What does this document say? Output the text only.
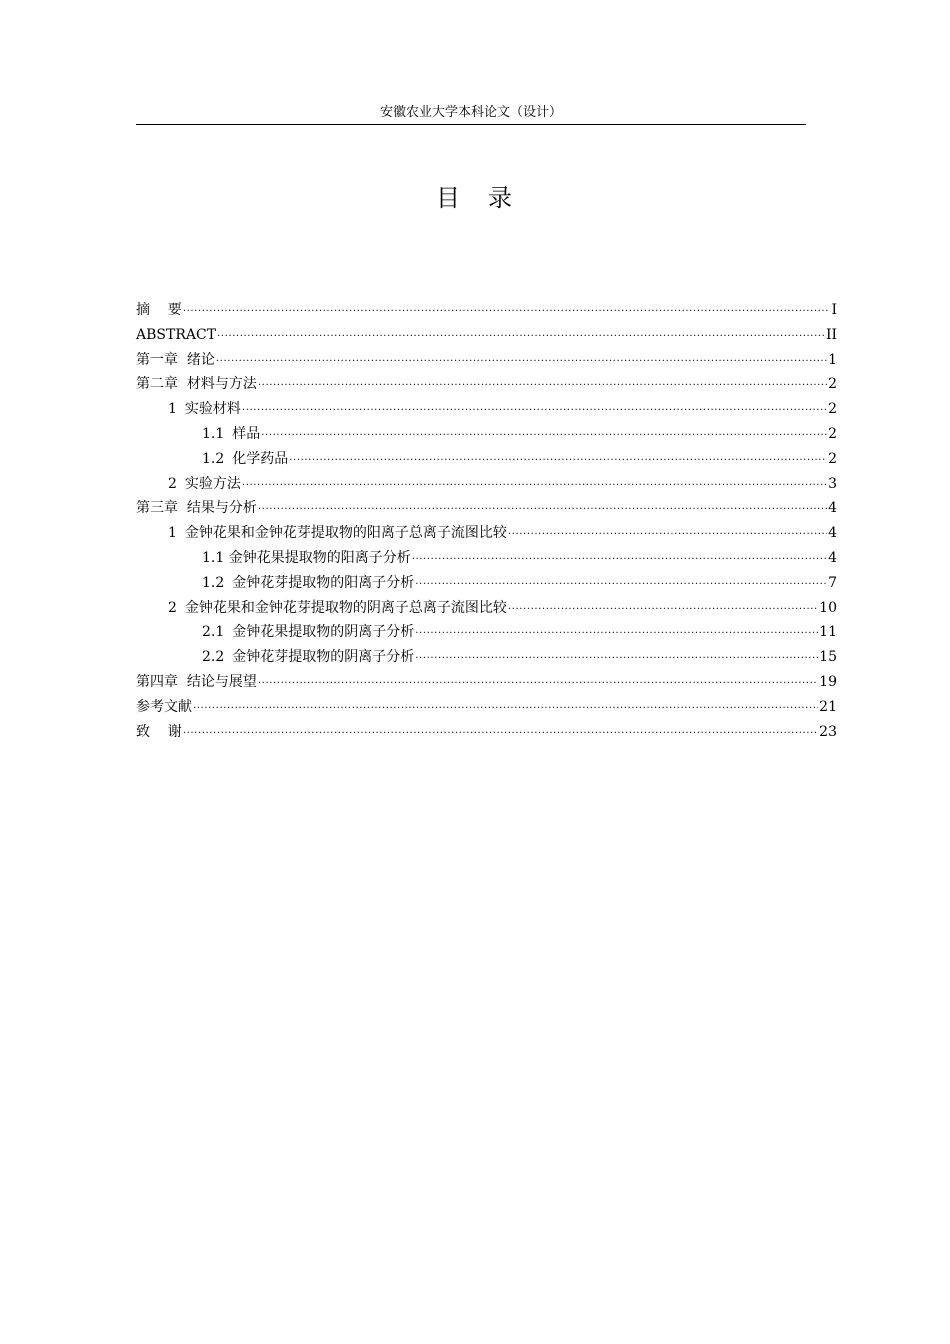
安徽农业大学本科论文（设计）
目 录
摘    要 .....	I
ABSTRACT .....	II
第一章  绪论 .....	1
第二章  材料与方法 .....	2
1 实验材料 .....	2
1.1 样品 .....	2
1.2 化学药品 .....	2
2 实验方法 .....	3
第三章  结果与分析 .....	4
1 金钟花果和金钟花芽提取物的阳离子总离子流图比较 .....	4
1.1 金钟花果提取物的阳离子分析 .....	4
1.2 金钟花芽提取物的阳离子分析 .....	7
2 金钟花果和金钟花芽提取物的阴离子总离子流图比较 .....	10
2.1 金钟花果提取物的阴离子分析 .....	11
2.2 金钟花芽提取物的阴离子分析 .....	15
第四章  结论与展望 .....	19
参考文献 .....	21
致    谢 .....	23
